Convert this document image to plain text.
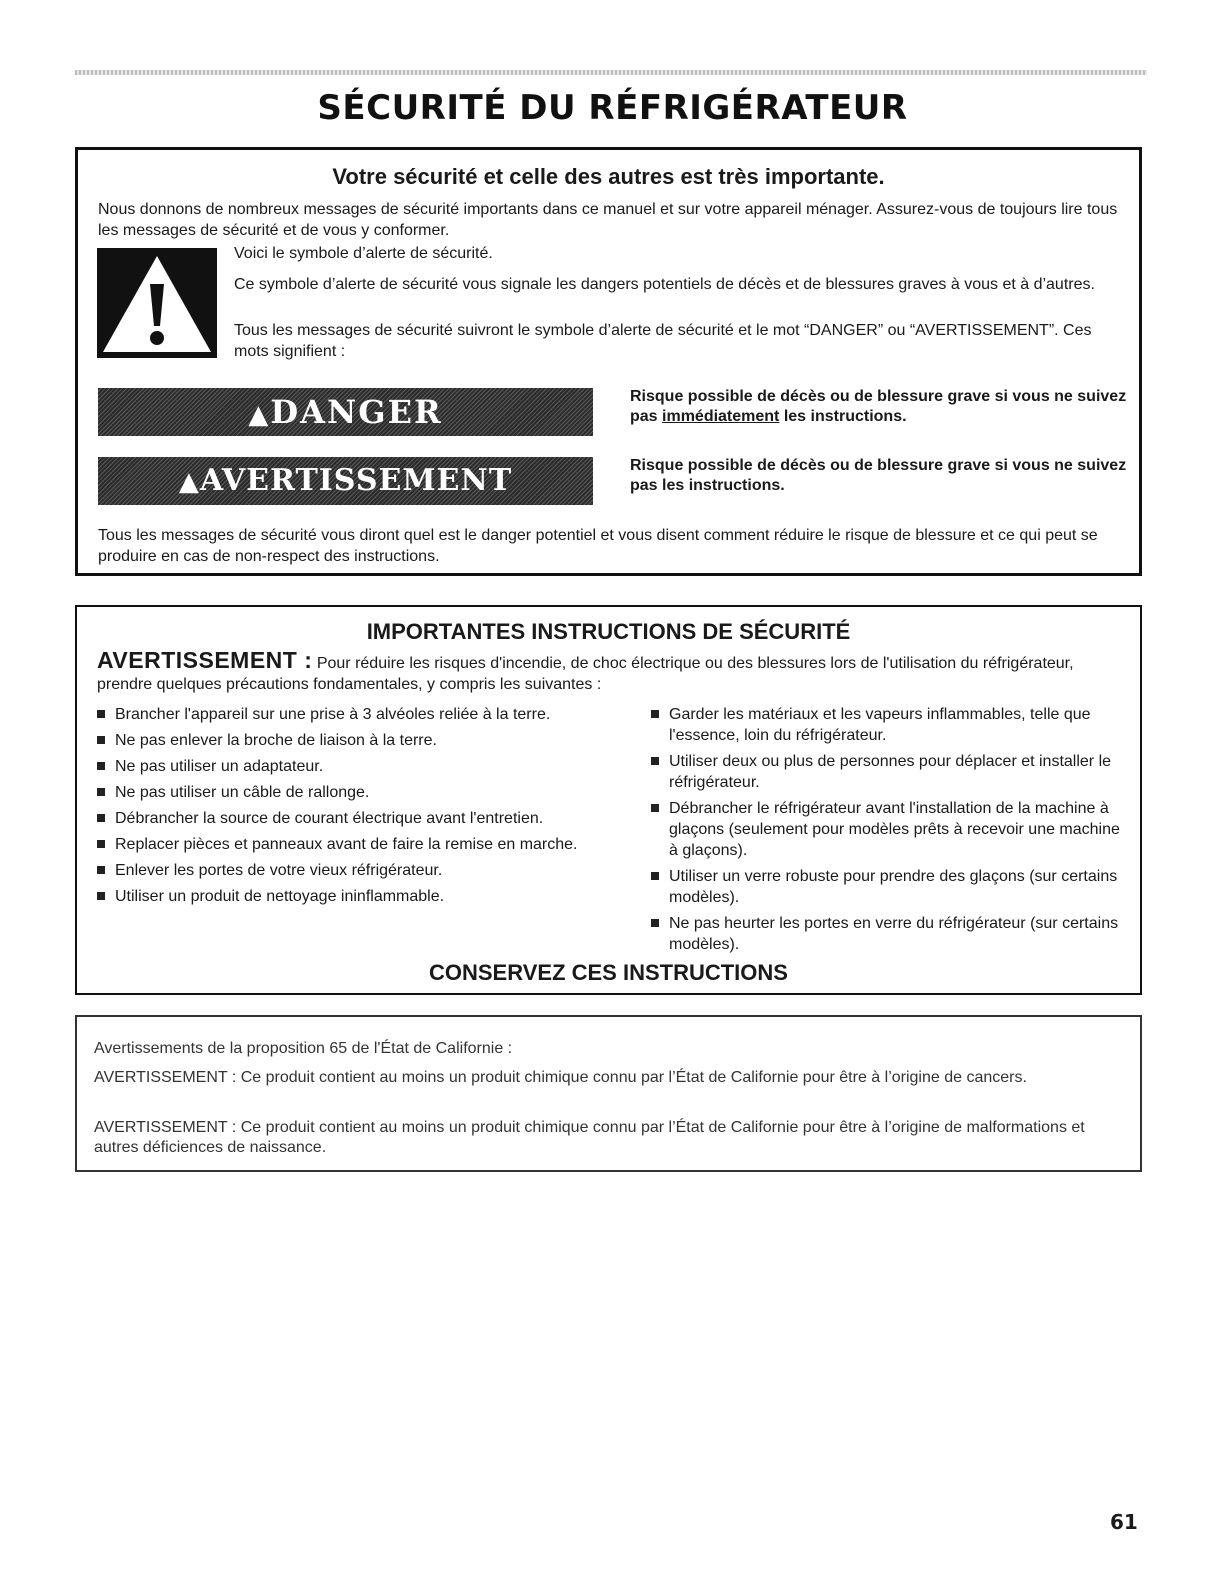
SÉCURITÉ DU RÉFRIGÉRATEUR
Votre sécurité et celle des autres est très importante.

Nous donnons de nombreux messages de sécurité importants dans ce manuel et sur votre appareil ménager. Assurez-vous de toujours lire tous les messages de sécurité et de vous y conformer.

Voici le symbole d’alerte de sécurité.

Ce symbole d’alerte de sécurité vous signale les dangers potentiels de décès et de blessures graves à vous et à d’autres.

Tous les messages de sécurité suivront le symbole d’alerte de sécurité et le mot “DANGER” ou “AVERTISSEMENT”. Ces mots signifient :

▲DANGER	Risque possible de décès ou de blessure grave si vous ne suivez pas immédiatement les instructions.

▲AVERTISSEMENT	Risque possible de décès ou de blessure grave si vous ne suivez pas les instructions.

Tous les messages de sécurité vous diront quel est le danger potentiel et vous disent comment réduire le risque de blessure et ce qui peut se produire en cas de non-respect des instructions.

IMPORTANTES INSTRUCTIONS DE SÉCURITÉ

AVERTISSEMENT : Pour réduire les risques d'incendie, de choc électrique ou des blessures lors de l'utilisation du réfrigérateur, prendre quelques précautions fondamentales, y compris les suivantes :

Brancher l'appareil sur une prise à 3 alvéoles reliée à la terre.
Ne pas enlever la broche de liaison à la terre.
Ne pas utiliser un adaptateur.
Ne pas utiliser un câble de rallonge.
Débrancher la source de courant électrique avant l'entretien.
Replacer pièces et panneaux avant de faire la remise en marche.
Enlever les portes de votre vieux réfrigérateur.
Utiliser un produit de nettoyage ininflammable.
Garder les matériaux et les vapeurs inflammables, telle que l'essence, loin du réfrigérateur.
Utiliser deux ou plus de personnes pour déplacer et installer le réfrigérateur.
Débrancher le réfrigérateur avant l'installation de la machine à glaçons (seulement pour modèles prêts à recevoir une machine à glaçons).
Utiliser un verre robuste pour prendre des glaçons (sur certains modèles).
Ne pas heurter les portes en verre du réfrigérateur (sur certains modèles).

CONSERVEZ CES INSTRUCTIONS

Avertissements de la proposition 65 de l'État de Californie :

AVERTISSEMENT : Ce produit contient au moins un produit chimique connu par l’État de Californie pour être à l’origine de cancers.

AVERTISSEMENT : Ce produit contient au moins un produit chimique connu par l’État de Californie pour être à l’origine de malformations et autres déficiences de naissance.

61
